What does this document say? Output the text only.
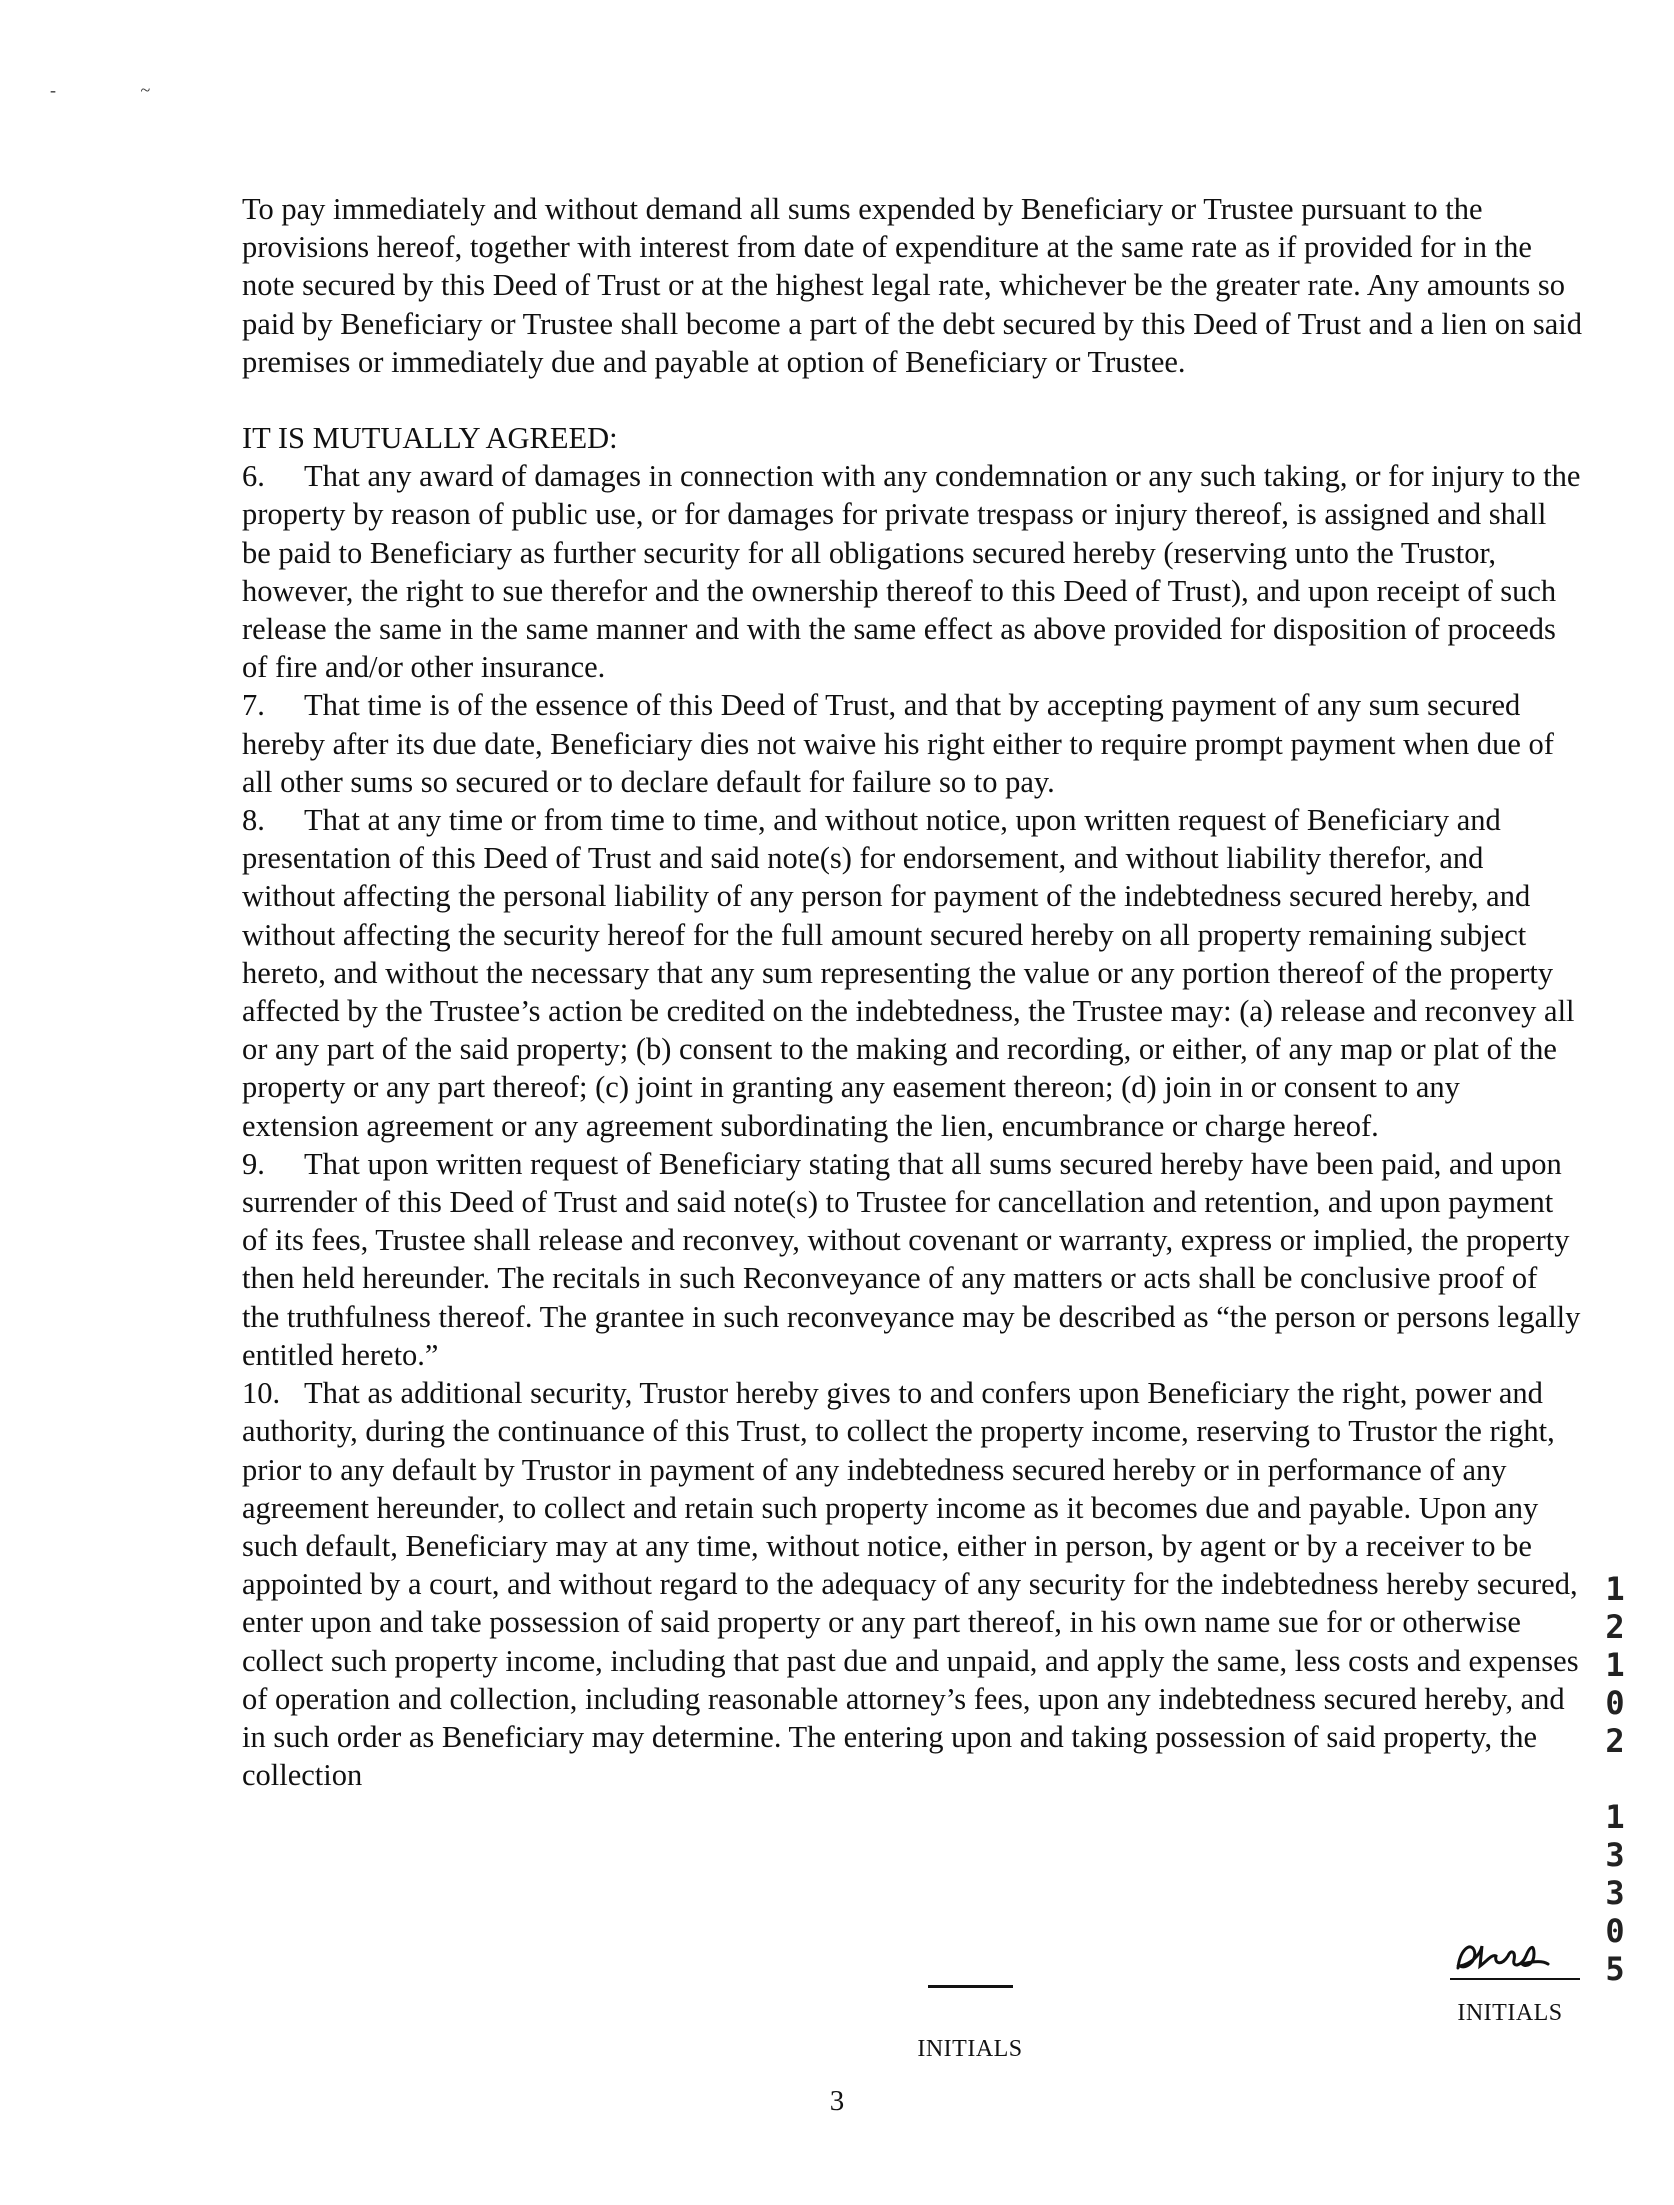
- ~

To pay immediately and without demand all sums expended by Beneficiary or Trustee pursuant to the provisions hereof, together with interest from date of expenditure at the same rate as if provided for in the note secured by this Deed of Trust or at the highest legal rate, whichever be the greater rate. Any amounts so paid by Beneficiary or Trustee shall become a part of the debt secured by this Deed of Trust and a lien on said premises or immediately due and payable at option of Beneficiary or Trustee.

IT IS MUTUALLY AGREED:

6. That any award of damages in connection with any condemnation or any such taking, or for injury to the property by reason of public use, or for damages for private trespass or injury thereof, is assigned and shall be paid to Beneficiary as further security for all obligations secured hereby (reserving unto the Trustor, however, the right to sue therefor and the ownership thereof to this Deed of Trust), and upon receipt of such release the same in the same manner and with the same effect as above provided for disposition of proceeds of fire and/or other insurance.

7. That time is of the essence of this Deed of Trust, and that by accepting payment of any sum secured hereby after its due date, Beneficiary dies not waive his right either to require prompt payment when due of all other sums so secured or to declare default for failure so to pay.

8. That at any time or from time to time, and without notice, upon written request of Beneficiary and presentation of this Deed of Trust and said note(s) for endorsement, and without liability therefor, and without affecting the personal liability of any person for payment of the indebtedness secured hereby, and without affecting the security hereof for the full amount secured hereby on all property remaining subject hereto, and without the necessary that any sum representing the value or any portion thereof of the property affected by the Trustee’s action be credited on the indebtedness, the Trustee may: (a) release and reconvey all or any part of the said property; (b) consent to the making and recording, or either, of any map or plat of the property or any part thereof; (c) joint in granting any easement thereon; (d) join in or consent to any extension agreement or any agreement subordinating the lien, encumbrance or charge hereof.

9. That upon written request of Beneficiary stating that all sums secured hereby have been paid, and upon surrender of this Deed of Trust and said note(s) to Trustee for cancellation and retention, and upon payment of its fees, Trustee shall release and reconvey, without covenant or warranty, express or implied, the property then held hereunder. The recitals in such Reconveyance of any matters or acts shall be conclusive proof of the truthfulness thereof. The grantee in such reconveyance may be described as “the person or persons legally entitled hereto.”

10. That as additional security, Trustor hereby gives to and confers upon Beneficiary the right, power and authority, during the continuance of this Trust, to collect the property income, reserving to Trustor the right, prior to any default by Trustor in payment of any indebtedness secured hereby or in performance of any agreement hereunder, to collect and retain such property income as it becomes due and payable. Upon any such default, Beneficiary may at any time, without notice, either in person, by agent or by a receiver to be appointed by a court, and without regard to the adequacy of any security for the indebtedness hereby secured, enter upon and take possession of said property or any part thereof, in his own name sue for or otherwise collect such property income, including that past due and unpaid, and apply the same, less costs and expenses of operation and collection, including reasonable attorney’s fees, upon any indebtedness secured hereby, and in such order as Beneficiary may determine. The entering upon and taking possession of said property, the collection

1
2
1
0
2
1
3
3
0
5
INITIALS
INITIALS
3
